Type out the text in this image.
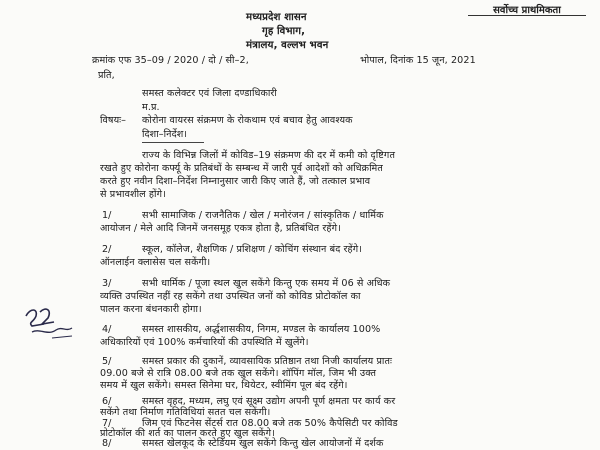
सर्वोच्च प्राथमिकता
मध्यप्रदेश शासन
गृह विभाग,
मंत्रालय, वल्लभ भवन
क्रमांक एफ 35–09 / 2020 / दो / सी–2,	भोपाल, दिनांक 15 जून, 2021
प्रति,
समस्त कलेक्टर एवं जिला दण्डाधिकारी
म.प्र.
विषयः– कोरोना वायरस संक्रमण के रोकथाम एवं बचाव हेतु आवश्यक
दिशा–निर्देश।
राज्य के विभिन्न जिलों में कोविड–19 संक्रमण की दर में कमी को दृष्टिगत
रखते हुए कोरोना कर्फ्यू के प्रतिबंधों के सम्बन्ध में जारी पूर्व आदेशों को अधिक्रमित
करते हुए नवीन दिशा–निर्देश निम्नानुसार जारी किए जाते हैं, जो तत्काल प्रभाव
से प्रभावशील होंगे।
1/	सभी सामाजिक / राजनैतिक / खेल / मनोरंजन / सांस्कृतिक / धार्मिक
आयोजन / मेले आदि जिनमें जनसमूह एकत्र होता है, प्रतिबंधित रहेंगे।
2/	स्कूल, कॉलेज, शैक्षणिक / प्रशिक्षण / कोचिंग संस्थान बंद रहेंगे।
ऑनलाईन क्लासेस चल सकेंगी।
3/	सभी धार्मिक / पूजा स्थल खुल सकेंगे किन्तु एक समय में 06 से अधिक
व्यक्ति उपस्थित नहीं रह सकेंगे तथा उपस्थित जनों को कोविड प्रोटोकॉल का
पालन करना बंधनकारी होगा।
4/	समस्त शासकीय, अर्द्धशासकीय, निगम, मण्डल के कार्यालय 100%
अधिकारियों एवं 100% कर्मचारियों की उपस्थिति में खुलेंगे।
5/	समस्त प्रकार की दुकानें, व्यावसायिक प्रतिष्ठान तथा निजी कार्यालय प्रातः
09.00 बजे से रात्रि 08.00 बजे तक खुल सकेंगे। शॉपिंग मॉल, जिम भी उक्त
समय में खुल सकेंगे। समस्त सिनेमा घर, थियेटर, स्वीमिंग पूल बंद रहेंगे।
6/	समस्त वृहद, मध्यम, लघु एवं सूक्ष्म उद्योग अपनी पूर्ण क्षमता पर कार्य कर
सकेंगे तथा निर्माण गतिविधियां सतत चल सकेंगी।
7/	जिम एवं फिटनेस सेंटर्स रात 08.00 बजे तक 50% कैपेसिटी पर कोविड
प्रोटोकॉल की शर्त का पालन करते हुए खुल सकेंगे।
8/	समस्त खेलकूद के स्टेडियम खुल सकेंगे किन्तु खेल आयोजनों में दर्शक
